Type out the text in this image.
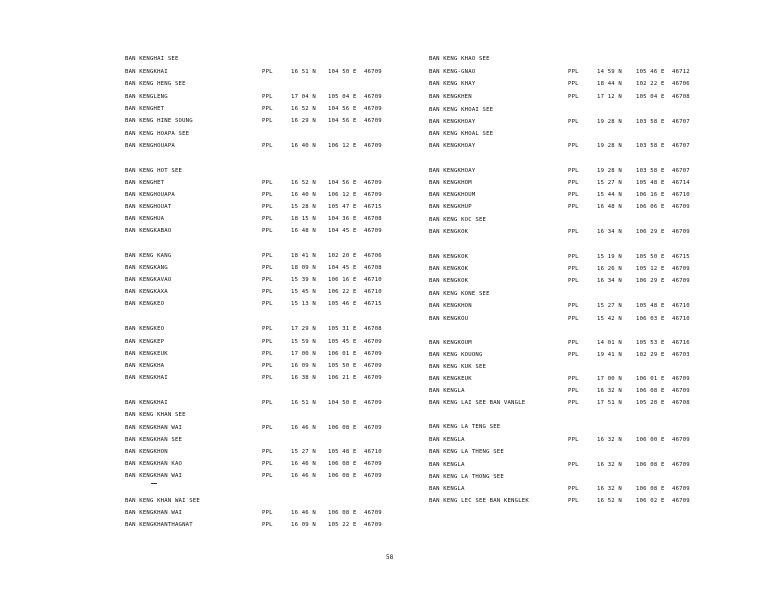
BAN KENGHAI SEE
BAN KENGKHAI	PPL	16 51 N 104 50 E 46709
BAN KENG HENG SEE
BAN KENGLENG	PPL	17 04 N 105 04 E 46709
BAN KENGHET	PPL	16 52 N 104 56 E 46709
BAN KENG HINE SOUNG	PPL	16 29 N 104 56 E 46709
BAN KENG HOAPA SEE
BAN KENGHOUAPA	PPL	16 40 N 106 12 E 46709
BAN KENG HOT SEE
BAN KENGHET	PPL	16 52 N 104 56 E 46709
BAN KENGHOUAPA	PPL	16 40 N 106 12 E 46709
BAN KENGHOUAT	PPL	15 28 N 105 47 E 46715
BAN KENGHUA	PPL	18 15 N 104 36 E 46708
BAN KENGKABAO	PPL	16 48 N 104 45 E 46709
BAN KENG KANG	PPL	18 41 N 102 20 E 46706
BAN KENGKANG	PPL	18 09 N 104 45 E 46708
BAN KENGKAVAO	PPL	15 39 N 106 16 E 46710
BAN KENGKAXA	PPL	15 45 N 106 22 E 46710
BAN KENGKEO	PPL	15 13 N 105 46 E 46715
BAN KENGKEO	PPL	17 29 N 105 31 E 46708
BAN KENGKEP	PPL	15 59 N 105 45 E 46709
BAN KENGKEUK	PPL	17 00 N 106 01 E 46709
BAN KENGKHA	PPL	16 09 N 105 50 E 46709
BAN KENGKHAI	PPL	16 38 N 106 21 E 46709
BAN KENGKHAI	PPL	16 51 N 104 50 E 46709
BAN KENG KHAN SEE
BAN KENGKHAN WAI	PPL	16 46 N 106 08 E 46709
BAN KENGKHAN SEE
BAN KENGKHON	PPL	15 27 N 105 48 E 46710
BAN KENGKHAN KAO	PPL	16 46 N 106 08 E 46709
BAN KENGKHAN WAI	PPL	16 46 N 106 08 E 46709
BAN KENG KHAN WAI SEE
BAN KENGKHAN WAI	PPL	16 46 N 106 08 E 46709
BAN KENGKHANTHAGNAT	PPL	16 09 N 105 22 E 46709
BAN KENG KHAO SEE
BAN KENG-GNAO	PPL	14 59 N	105 46 E 46712
BAN KENG KHAY	PPL	18 44 N	102 22 E 46706
BAN KENGKHEN	PPL	17 12 N	105 04 E 46708
BAN KENG KHOAI SEE
BAN KENGKHOAY	PPL	19 28 N	103 58 E 46707
BAN KENG KHOAL SEE
BAN KENGKHOAY	PPL	19 28 N	103 58 E 46707
BAN KENGKHOAY	PPL	19 28 N	103 58 E 46707
BAN KENGKHOM	PPL	15 27 N	105 48 E 46714
BAN KENGKHOUM	PPL	15 44 N	106 16 E 46710
BAN KENGKHUP	PPL	16 48 N	106 06 E 46709
BAN KENG KOC SEE
BAN KENGKOK	PPL	16 34 N	106 29 E 46709
BAN KENGKOK	PPL	15 19 N	105 50 E 46715
BAN KENGKOK	PPL	16 26 N	105 12 E 46709
BAN KENGKOK	PPL	16 34 N	106 29 E 46709
BAN KENG KONE SEE
BAN KENGKHON	PPL	15 27 N	105 48 E 46710
BAN KENGKOU	PPL	15 42 N	106 03 E 46710
BAN KENGKOUM	PPL	14 01 N	105 53 E 46716
BAN KENG KOUONG	PPL	19 41 N	102 29 E 46703
BAN KENG KUK SEE
BAN KENGKEUK	PPL	17 00 N	106 01 E 46709
BAN KENGLA	PPL	16 32 N	106 08 E 46709
BAN KENG LAI SEE BAN VANGLE	PPL	17 51 N	105 28 E 46708
BAN KENG LA TENG SEE
BAN KENGLA	PPL	16 32 N	106 00 E 46709
BAN KENG LA THENG SEE
BAN KENGLA	PPL	16 32 N	106 08 E 46709
BAN KENG LA THONG SEE
BAN KENGLA	PPL	16 32 N	106 08 E 46709
BAN KENG LEC SEE BAN KENGLEK	PPL	16 52 N	106 02 E 46709
58
